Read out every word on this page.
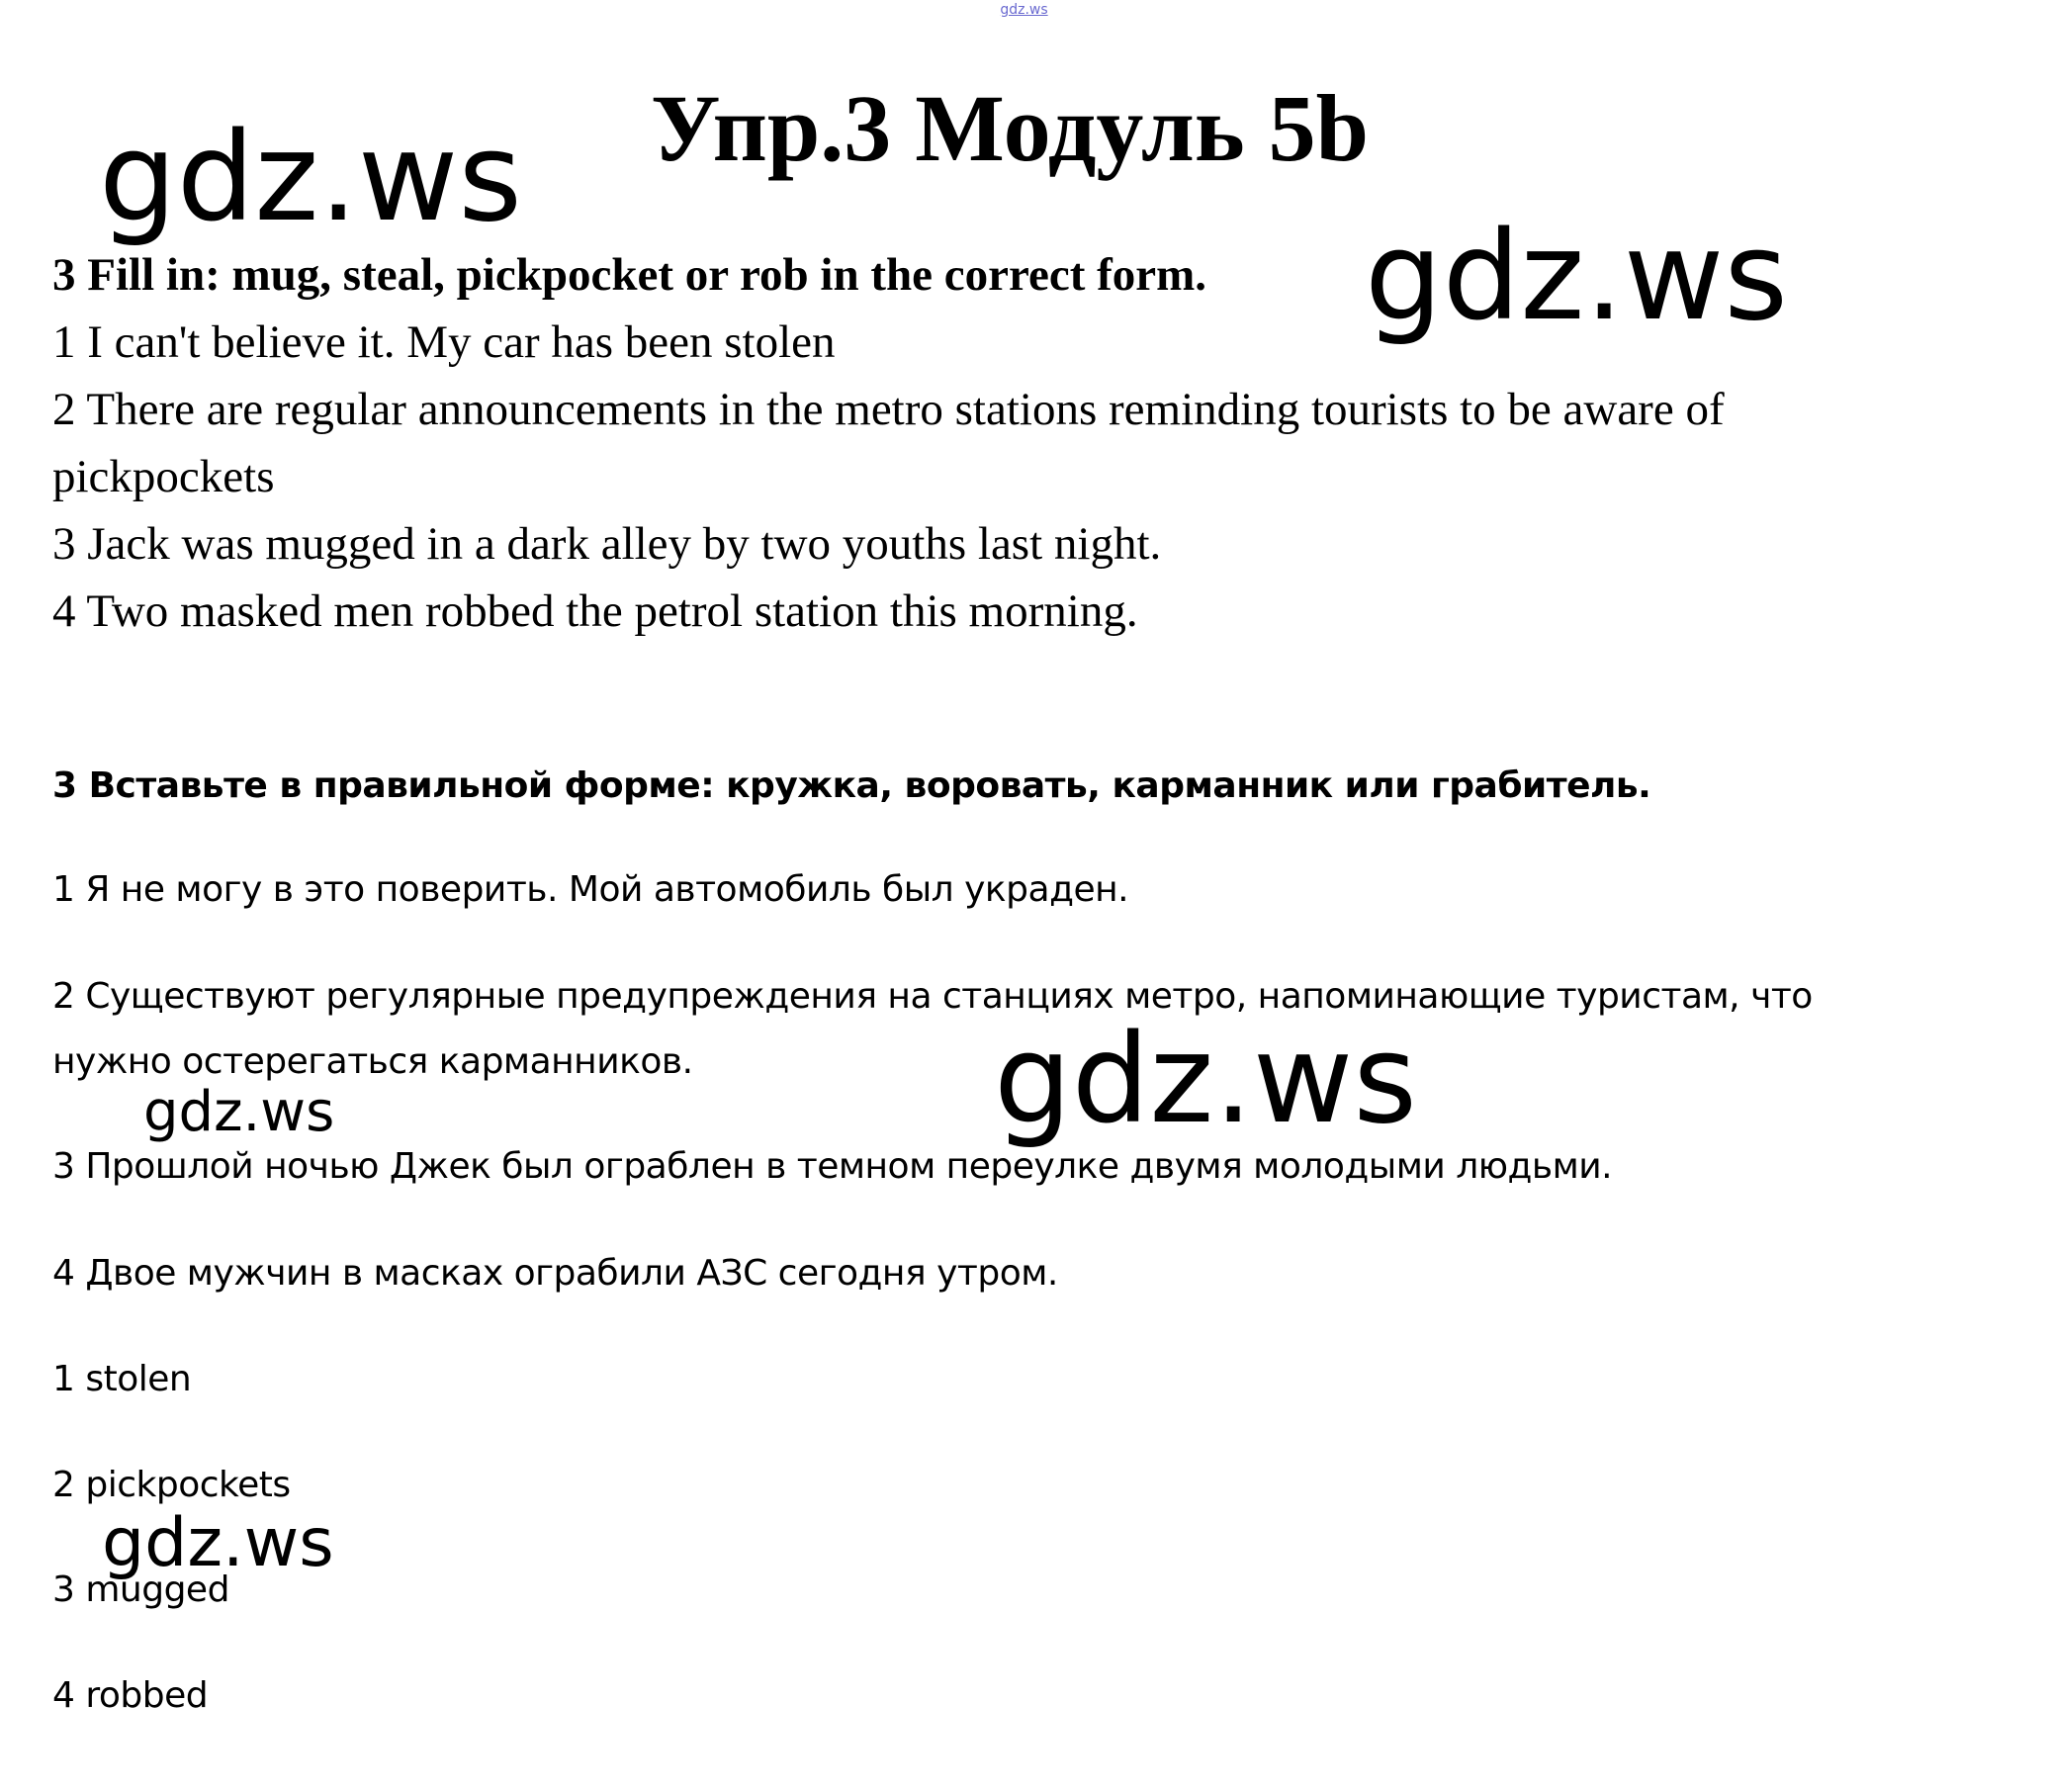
gdz.ws
Упр.3 Модуль 5b
3 Fill in: mug, steal, pickpocket or rob in the correct form.
1 I can't believe it. My car has been stolen
2 There are regular announcements in the metro stations reminding tourists to be aware of
pickpockets
3 Jack was mugged in a dark alley by two youths last night.
4 Two masked men robbed the petrol station this morning.
3 Вставьте в правильной форме: кружка, воровать, карманник или грабитель.
1 Я не могу в это поверить. Мой автомобиль был украден.
2 Существуют регулярные предупреждения на станциях метро, напоминающие туристам, что
нужно остерегаться карманников.
3 Прошлой ночью Джек был ограблен в темном переулке двумя молодыми людьми.
4 Двое мужчин в масках ограбили АЗС сегодня утром.
1 stolen
2 pickpockets
3 mugged
4 robbed
gdz.ws
gdz.ws
gdz.ws
gdz.ws
gdz.ws
